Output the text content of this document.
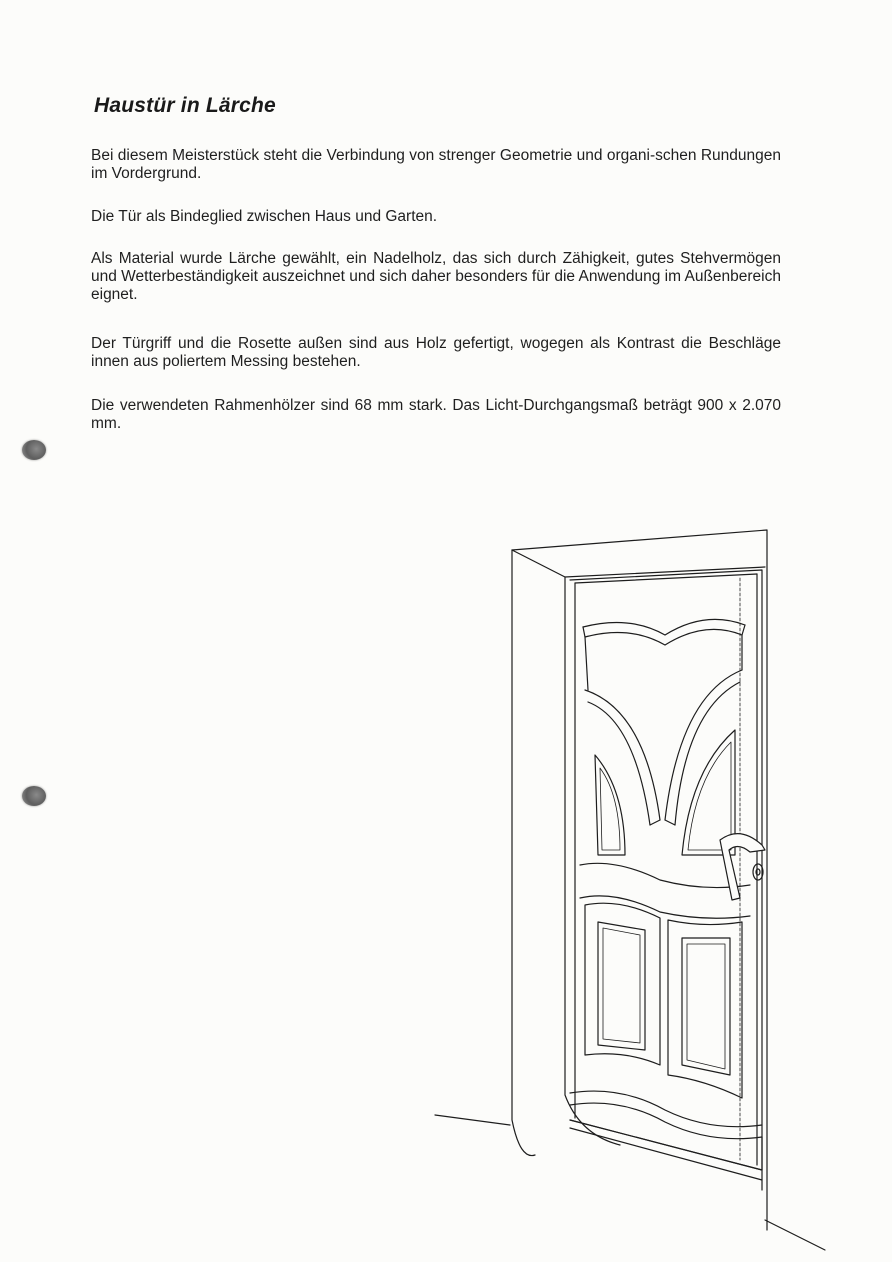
Haustür in Lärche

Bei diesem Meisterstück steht die Verbindung von strenger Geometrie und organi-schen Rundungen im Vordergrund.

Die Tür als Bindeglied zwischen Haus und Garten.

Als Material wurde Lärche gewählt, ein Nadelholz, das sich durch Zähigkeit, gutes Stehvermögen und Wetterbeständigkeit auszeichnet und sich daher besonders für die Anwendung im Außenbereich eignet.

Der Türgriff und die Rosette außen sind aus Holz gefertigt, wogegen als Kontrast die Beschläge innen aus poliertem Messing bestehen.

Die verwendeten Rahmenhölzer sind 68 mm stark. Das Licht-Durchgangsmaß beträgt 900 x 2.070 mm.
